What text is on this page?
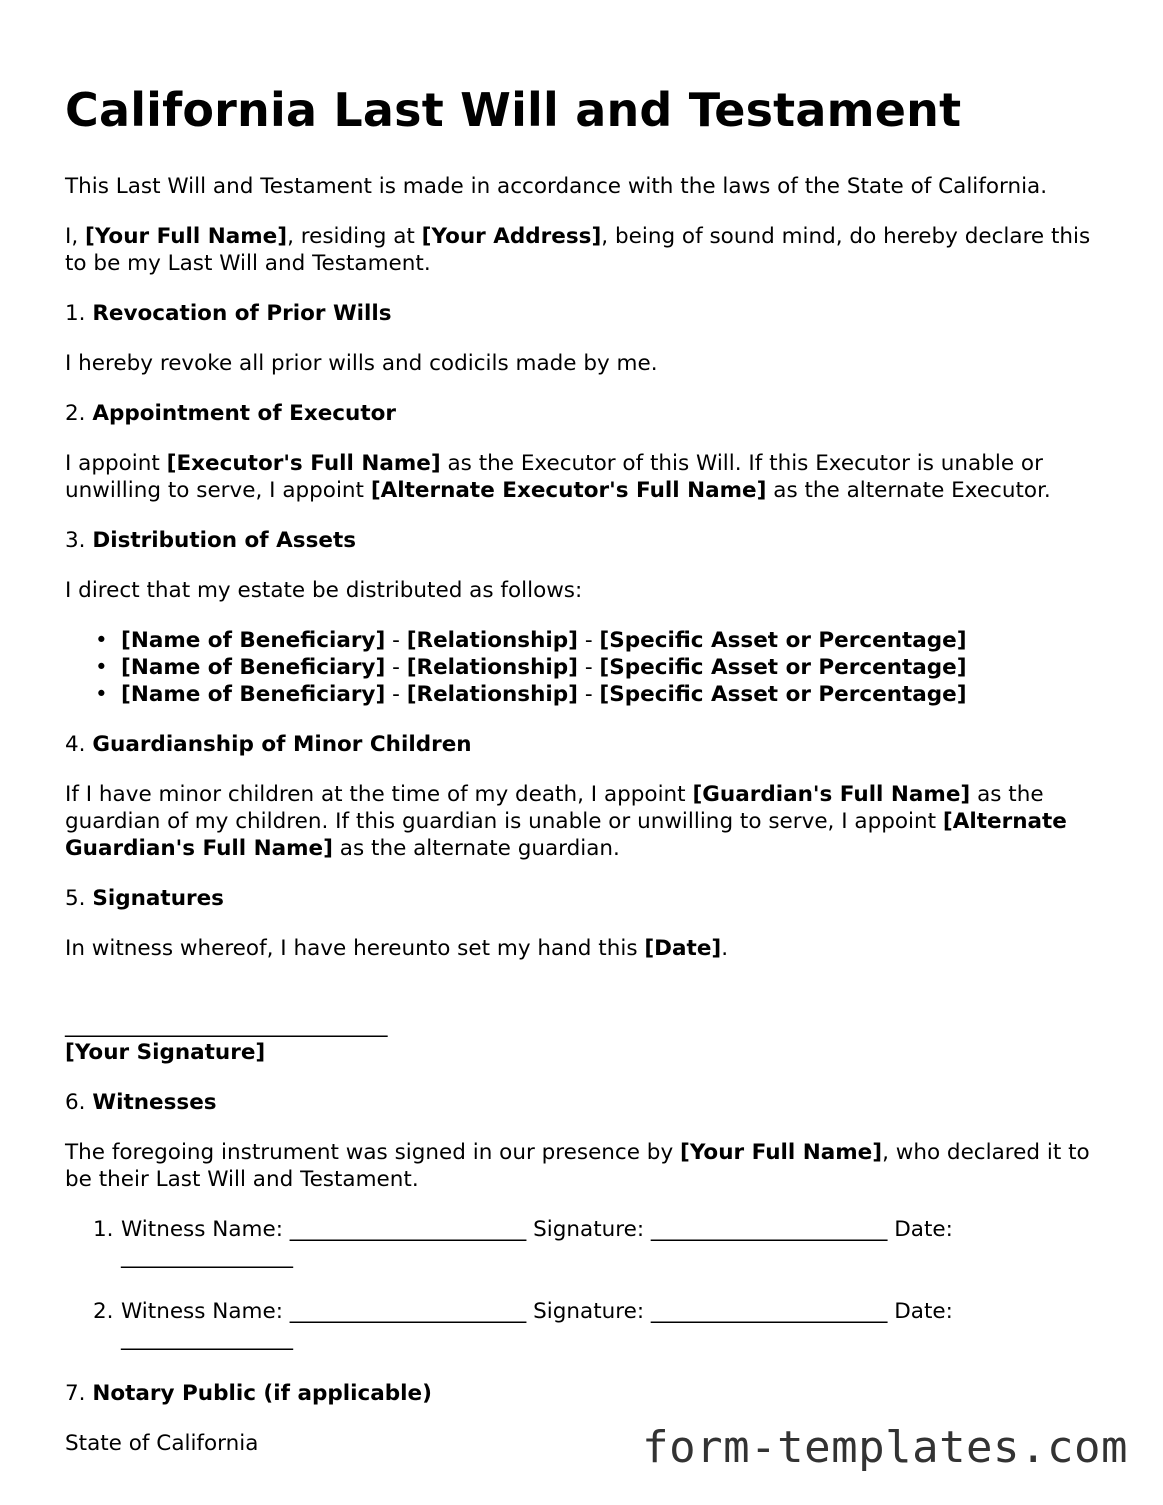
California Last Will and Testament

This Last Will and Testament is made in accordance with the laws of the State of California.

I, [Your Full Name], residing at [Your Address], being of sound mind, do hereby declare this to be my Last Will and Testament.

1. Revocation of Prior Wills

I hereby revoke all prior wills and codicils made by me.

2. Appointment of Executor

I appoint [Executor's Full Name] as the Executor of this Will. If this Executor is unable or unwilling to serve, I appoint [Alternate Executor's Full Name] as the alternate Executor.

3. Distribution of Assets

I direct that my estate be distributed as follows:

• [Name of Beneficiary] - [Relationship] - [Specific Asset or Percentage]
• [Name of Beneficiary] - [Relationship] - [Specific Asset or Percentage]
• [Name of Beneficiary] - [Relationship] - [Specific Asset or Percentage]

4. Guardianship of Minor Children

If I have minor children at the time of my death, I appoint [Guardian's Full Name] as the guardian of my children. If this guardian is unable or unwilling to serve, I appoint [Alternate Guardian's Full Name] as the alternate guardian.

5. Signatures

In witness whereof, I have hereunto set my hand this [Date].

______________________________
[Your Signature]

6. Witnesses

The foregoing instrument was signed in our presence by [Your Full Name], who declared it to be their Last Will and Testament.

1. Witness Name: ______________________ Signature: ______________________ Date: ________________
2. Witness Name: ______________________ Signature: ______________________ Date: ________________

7. Notary Public (if applicable)

State of California	form-templates.com
